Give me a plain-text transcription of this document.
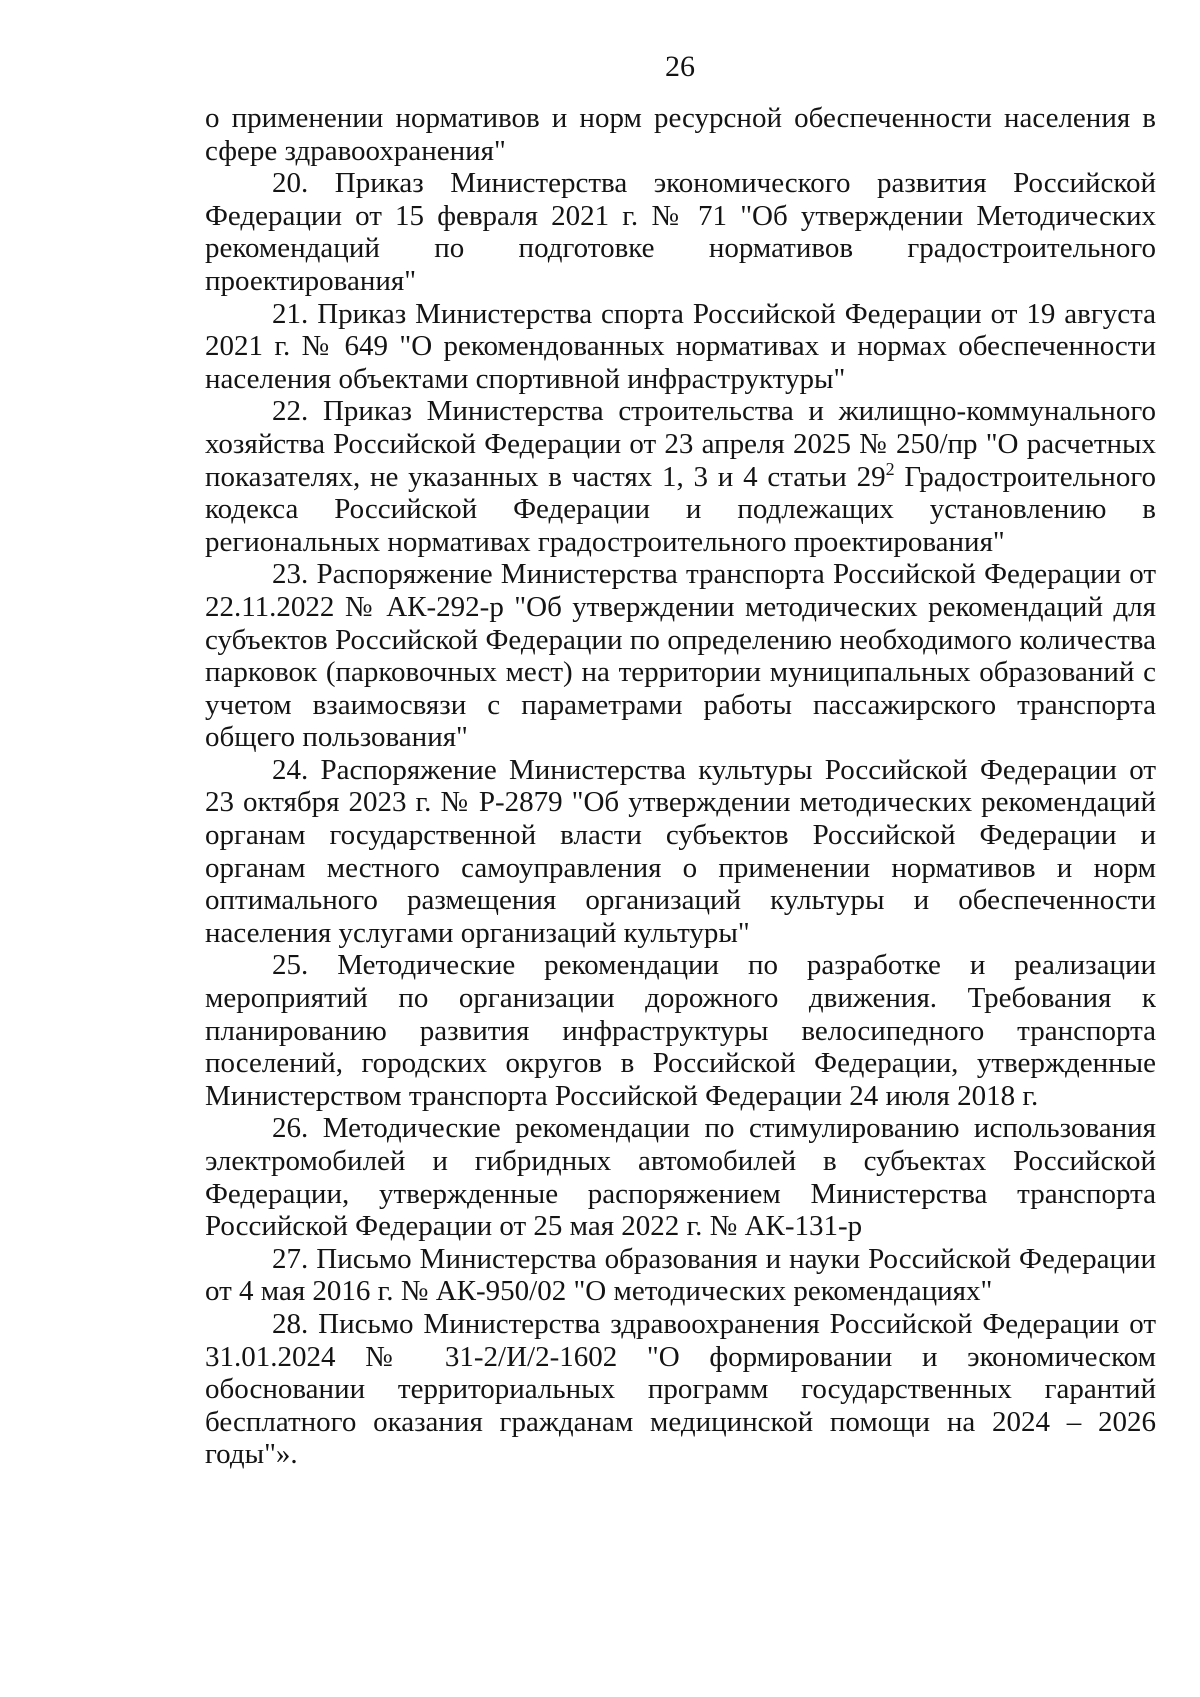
26

о применении нормативов и норм ресурсной обеспеченности населения в сфере здравоохранения"

20. Приказ Министерства экономического развития Российской Федерации от 15 февраля 2021 г. № 71 "Об утверждении Методических рекомендаций по подготовке нормативов градостроительного проектирования"

21. Приказ Министерства спорта Российской Федерации от 19 августа 2021 г. № 649 "О рекомендованных нормативах и нормах обеспеченности населения объектами спортивной инфраструктуры"

22. Приказ Министерства строительства и жилищно-коммунального хозяйства Российской Федерации от 23 апреля 2025 № 250/пр "О расчетных показателях, не указанных в частях 1, 3 и 4 статьи $29^2$ Градостроительного кодекса Российской Федерации и подлежащих установлению в региональных нормативах градостроительного проектирования"

23. Распоряжение Министерства транспорта Российской Федерации от 22.11.2022 № АК-292-р "Об утверждении методических рекомендаций для субъектов Российской Федерации по определению необходимого количества парковок (парковочных мест) на территории муниципальных образований с учетом взаимосвязи с параметрами работы пассажирского транспорта общего пользования"

24. Распоряжение Министерства культуры Российской Федерации от 23 октября 2023 г. № Р-2879 "Об утверждении методических рекомендаций органам государственной власти субъектов Российской Федерации и органам местного самоуправления о применении нормативов и норм оптимального размещения организаций культуры и обеспеченности населения услугами организаций культуры"

25. Методические рекомендации по разработке и реализации мероприятий по организации дорожного движения. Требования к планированию развития инфраструктуры велосипедного транспорта поселений, городских округов в Российской Федерации, утвержденные Министерством транспорта Российской Федерации 24 июля 2018 г.

26. Методические рекомендации по стимулированию использования электромобилей и гибридных автомобилей в субъектах Российской Федерации, утвержденные распоряжением Министерства транспорта Российской Федерации от 25 мая 2022 г. № АК-131-р

27. Письмо Министерства образования и науки Российской Федерации от 4 мая 2016 г. № АК-950/02 "О методических рекомендациях"

28. Письмо Министерства здравоохранения Российской Федерации от 31.01.2024 № 31-2/И/2-1602 "О формировании и экономическом обосновании территориальных программ государственных гарантий бесплатного оказания гражданам медицинской помощи на 2024 – 2026 годы"».
